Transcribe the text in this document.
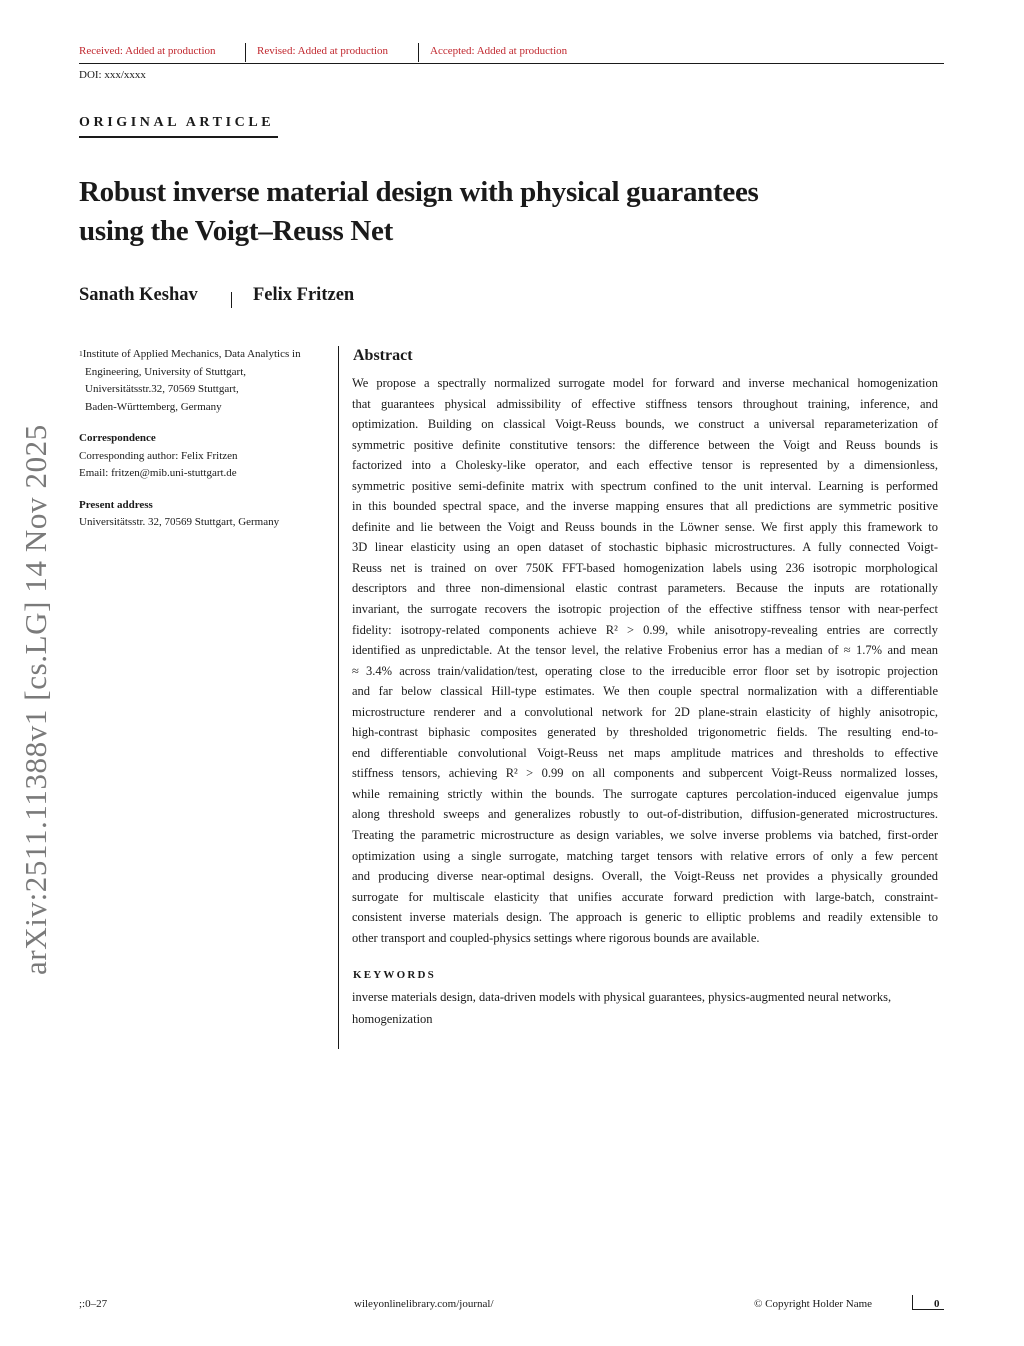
Received: Added at production	Revised: Added at production	Accepted: Added at production
DOI: xxx/xxxx
ORIGINAL ARTICLE
Robust inverse material design with physical guarantees
using the Voigt–Reuss Net
Sanath Keshav	Felix Fritzen
$^1$Institute of Applied Mechanics, Data Analytics in
Engineering, University of Stuttgart,
Universitätsstr.32, 70569 Stuttgart,
Baden-Württemberg, Germany
Correspondence
Corresponding author: Felix Fritzen
Email: fritzen@mib.uni-stuttgart.de
Present address
Universitätsstr. 32, 70569 Stuttgart, Germany
Abstract
We propose a spectrally normalized surrogate model for forward and inverse mechanical homogenization
that guarantees physical admissibility of effective stiffness tensors throughout training, inference, and
optimization. Building on classical Voigt-Reuss bounds, we construct a universal reparameterization of
symmetric positive definite constitutive tensors: the difference between the Voigt and Reuss bounds is
factorized into a Cholesky-like operator, and each effective tensor is represented by a dimensionless,
symmetric positive semi-definite matrix with spectrum confined to the unit interval. Learning is performed
in this bounded spectral space, and the inverse mapping ensures that all predictions are symmetric positive
definite and lie between the Voigt and Reuss bounds in the Löwner sense. We first apply this framework to
3D linear elasticity using an open dataset of stochastic biphasic microstructures. A fully connected Voigt-
Reuss net is trained on over 750K FFT-based homogenization labels using 236 isotropic morphological
descriptors and three non-dimensional elastic contrast parameters. Because the inputs are rotationally
invariant, the surrogate recovers the isotropic projection of the effective stiffness tensor with near-perfect
fidelity: isotropy-related components achieve R² > 0.99, while anisotropy-revealing entries are correctly
identified as unpredictable. At the tensor level, the relative Frobenius error has a median of ≈ 1.7% and mean
≈ 3.4% across train/validation/test, operating close to the irreducible error floor set by isotropic projection
and far below classical Hill-type estimates. We then couple spectral normalization with a differentiable
microstructure renderer and a convolutional network for 2D plane-strain elasticity of highly anisotropic,
high-contrast biphasic composites generated by thresholded trigonometric fields. The resulting end-to-
end differentiable convolutional Voigt-Reuss net maps amplitude matrices and thresholds to effective
stiffness tensors, achieving R² > 0.99 on all components and subpercent Voigt-Reuss normalized losses,
while remaining strictly within the bounds. The surrogate captures percolation-induced eigenvalue jumps
along threshold sweeps and generalizes robustly to out-of-distribution, diffusion-generated microstructures.
Treating the parametric microstructure as design variables, we solve inverse problems via batched, first-order
optimization using a single surrogate, matching target tensors with relative errors of only a few percent
and producing diverse near-optimal designs. Overall, the Voigt-Reuss net provides a physically grounded
surrogate for multiscale elasticity that unifies accurate forward prediction with large-batch, constraint-
consistent inverse materials design. The approach is generic to elliptic problems and readily extensible to
other transport and coupled-physics settings where rigorous bounds are available.
KEYWORDS
inverse materials design, data-driven models with physical guarantees, physics-augmented neural networks,
homogenization
arXiv:2511.11388v1 [cs.LG] 14 Nov 2025
;:0–27	wileyonlinelibrary.com/journal/	© Copyright Holder Name	0
